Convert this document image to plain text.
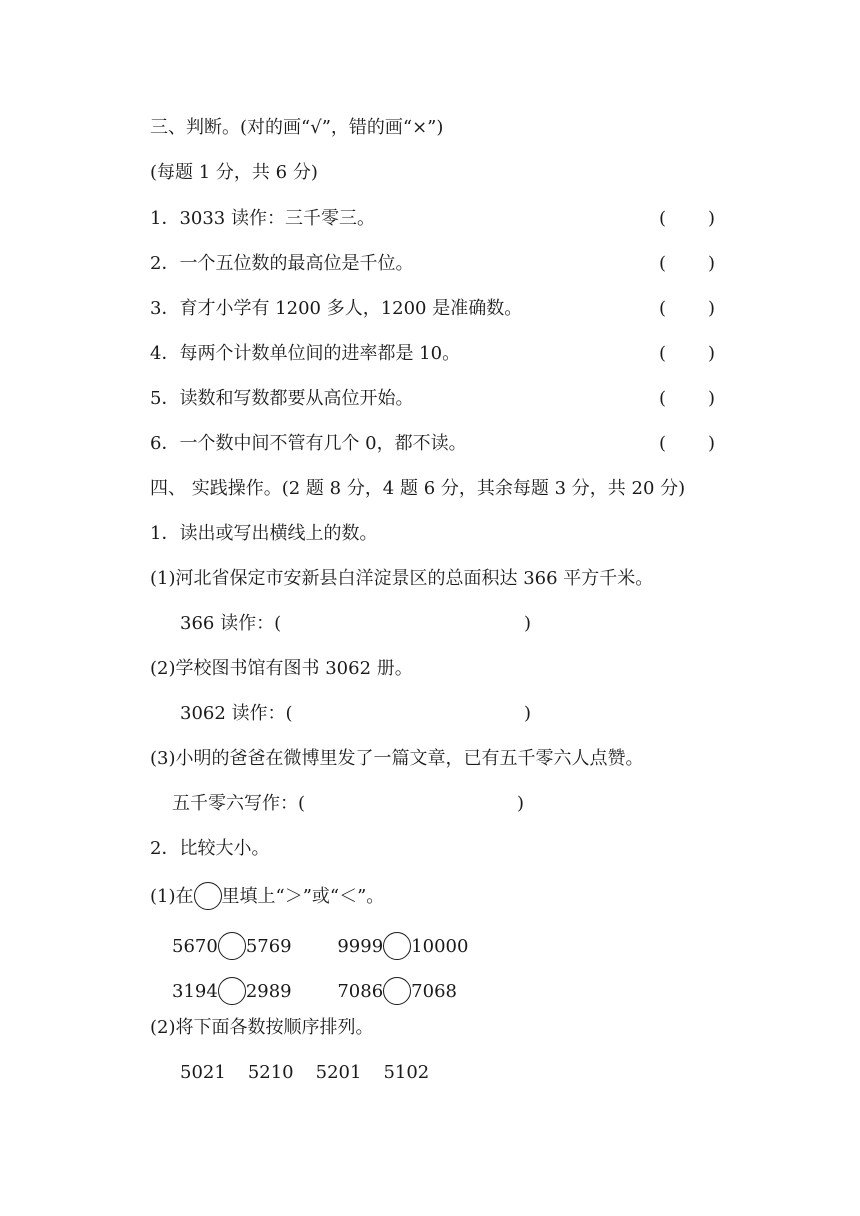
三、判断。(对的画“√”，错的画“×”)
(每题 1 分，共 6 分)
1．3033 读作：三千零三。	( )
2．一个五位数的最高位是千位。	( )
3．育才小学有 1200 多人，1200 是准确数。	( )
4．每两个计数单位间的进率都是 10。	( )
5．读数和写数都要从高位开始。	( )
6．一个数中间不管有几个 0，都不读。	( )
四、 实践操作。(2 题 8 分，4 题 6 分，其余每题 3 分，共 20 分)
1．读出或写出横线上的数。
(1)河北省保定市安新县白洋淀景区的总面积达 366 平方千米。
366 读作：(	)
(2)学校图书馆有图书 3062 册。
3062 读作：(	)
(3)小明的爸爸在微博里发了一篇文章，已有五千零六人点赞。
五千零六写作：(	)
2．比较大小。
(1)在 里填上“＞”或“＜”。
5670 5769	9999 10000
3194 2989	7086 7068
(2)将下面各数按顺序排列。
5021 5210 5201 5102
